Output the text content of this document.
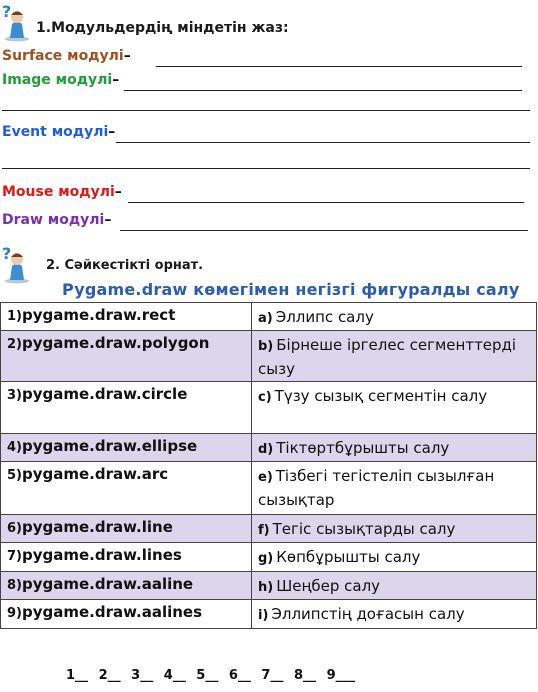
?
1.Модульдердің міндетін жаз:
Surface модулі–
Image модулі–
Event модулі–
Mouse модулі–
Draw модулі–
?
2. Сәйкестікті орнат.
Pygame.draw көмегімен негізгі фигуралды салу
1)pygame.draw.rect	a) Эллипс салу
2)pygame.draw.polygon	b) Бірнеше іргелес сегменттерді сызу
3)pygame.draw.circle	c) Түзу сызық сегментін салу
4)pygame.draw.ellipse	d) Тіктөртбұрышты салу
5)pygame.draw.arc	e) Тізбегі тегістеліп сызылған сызықтар
6)pygame.draw.line	f) Тегіс сызықтарды салу
7)pygame.draw.lines	g) Көпбұрышты салу
8)pygame.draw.aaline	h) Шеңбер салу
9)pygame.draw.aalines	i) Эллипстің доғасын салу
1__ 2__ 3__ 4__ 5__ 6__ 7__ 8__ 9___
